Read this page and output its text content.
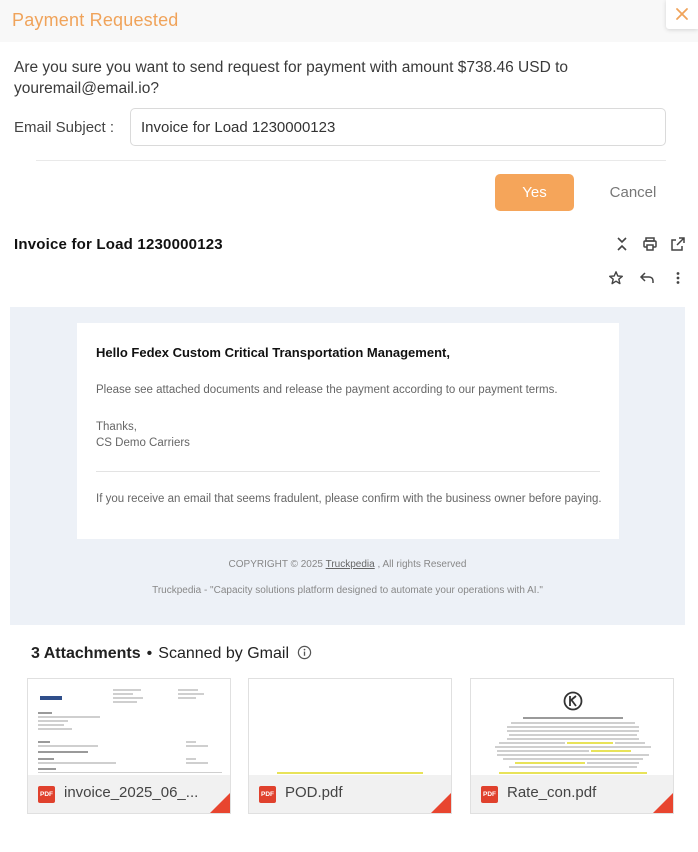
Payment Requested
Are you sure you want to send request for payment with amount $738.46 USD to youremail@email.io?
Email Subject :
Invoice for Load 1230000123
Yes	Cancel
Invoice for Load 1230000123
Hello Fedex Custom Critical Transportation Management,
Please see attached documents and release the payment according to our payment terms.
Thanks,
CS Demo Carriers
If you receive an email that seems fradulent, please confirm with the business owner before paying.
COPYRIGHT © 2025 Truckpedia , All rights Reserved
Truckpedia - "Capacity solutions platform designed to automate your operations with AI."
3 Attachments • Scanned by Gmail
PDF invoice_2025_06_...	PDF POD.pdf	PDF Rate_con.pdf
